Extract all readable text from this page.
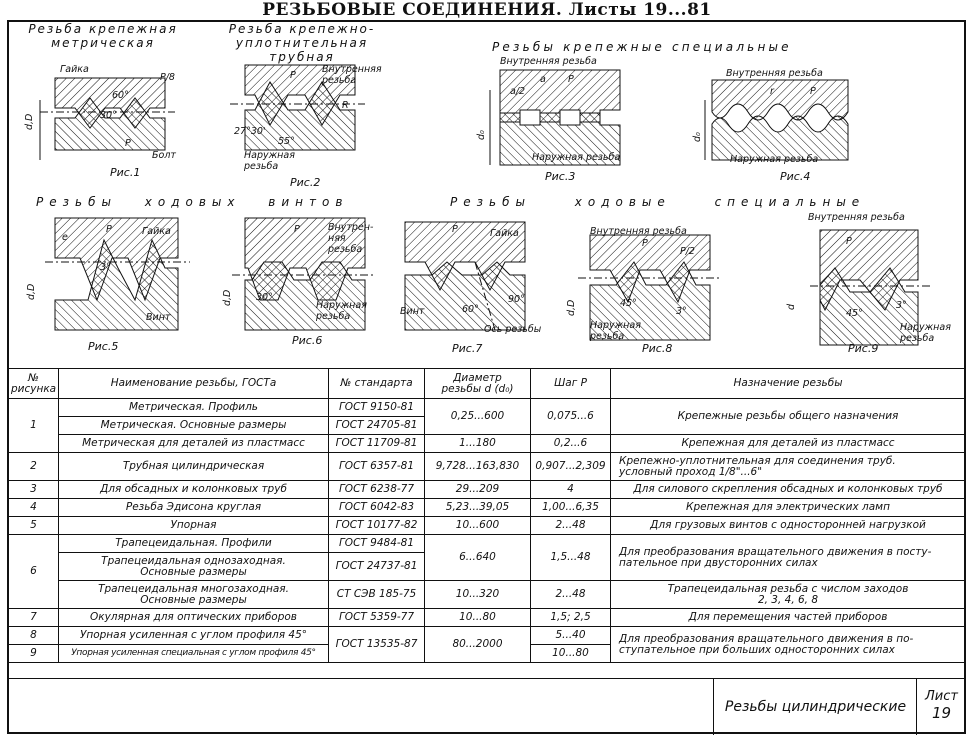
РЕЗЬБОВЫЕ СОЕДИНЕНИЯ. Листы 19...81
Резьба крепежная
метрическая
Резьба крепежно-
уплотнительная
трубная
Резьбы крепежные специальные
Резьбы ходовых винтов	Резьбы ходовые специальные
Гайка
P/8
60°
30°
P
Болт
d,D
Рис.1
Внутренняя
резьба
P
R
27°30'
55°
Наружная
резьба
Рис.2
Внутренняя резьба
a/2
a P
d₀
Наружная резьба
Рис.3
Внутренняя резьба
r	P
d₀
Наружная резьба
Рис.4
e
P	Гайка
3°
Винт
d,D
Рис.5
P	Внутрен-
няя
резьба
30°
Наружная
резьба
d,D
Рис.6
P	Гайка
Винт	60°
90°
Ось резьбы
Рис.7
Внутренняя резьба
P
P/2
45°
3°
Наружная
резьба
d,D
Рис.8
Внутренняя резьба
P
45°
3°
Наружная
резьба
d
Рис.9
№
рисунка	Наименование резьбы, ГОСТа	№ стандарта	Диаметр
резьбы d (d₀)	Шаг P	Назначение резьбы
1	Метрическая. Профиль	ГОСТ 9150-81	0,25...600	0,075...6	Крепежные резьбы общего назначения
	Метрическая. Основные размеры	ГОСТ 24705-81			
	Метрическая для деталей из пластмасс	ГОСТ 11709-81	1...180	0,2...6	Крепежная для деталей из пластмасс
2	Трубная цилиндрическая	ГОСТ 6357-81	9,728...163,830	0,907...2,309	Крепежно-уплотнительная для соединения труб.
условный проход 1/8"...6"
3	Для обсадных и колонковых труб	ГОСТ 6238-77	29...209	4	Для силового скрепления обсадных и колонковых труб
4	Резьба Эдисона круглая	ГОСТ 6042-83	5,23...39,05	1,00...6,35	Крепежная для электрических ламп
5	Упорная	ГОСТ 10177-82	10...600	2...48	Для грузовых винтов с односторонней нагрузкой
6	Трапецеидальная. Профили	ГОСТ 9484-81	6...640	1,5...48	Для преобразования вращательного движения в посту-
пательное при двусторонних силах
	Трапецеидальная однозаходная.
Основные размеры	ГОСТ 24737-81			
	Трапецеидальная многозаходная.
Основные размеры	СТ СЭВ 185-75	10...320	2...48	Трапецеидальная резьба с числом заходов
2, 3, 4, 6, 8
7	Окулярная для оптических приборов	ГОСТ 5359-77	10...80	1,5; 2,5	Для перемещения частей приборов
8	Упорная усиленная с углом профиля 45°	ГОСТ 13535-87	80...2000	5...40	Для преобразования вращательного движения в по-
ступательное при больших односторонних силах
9	Упорная усиленная специальная с углом профиля 45°			10...80	
Резьбы цилиндрические
Лист
19
